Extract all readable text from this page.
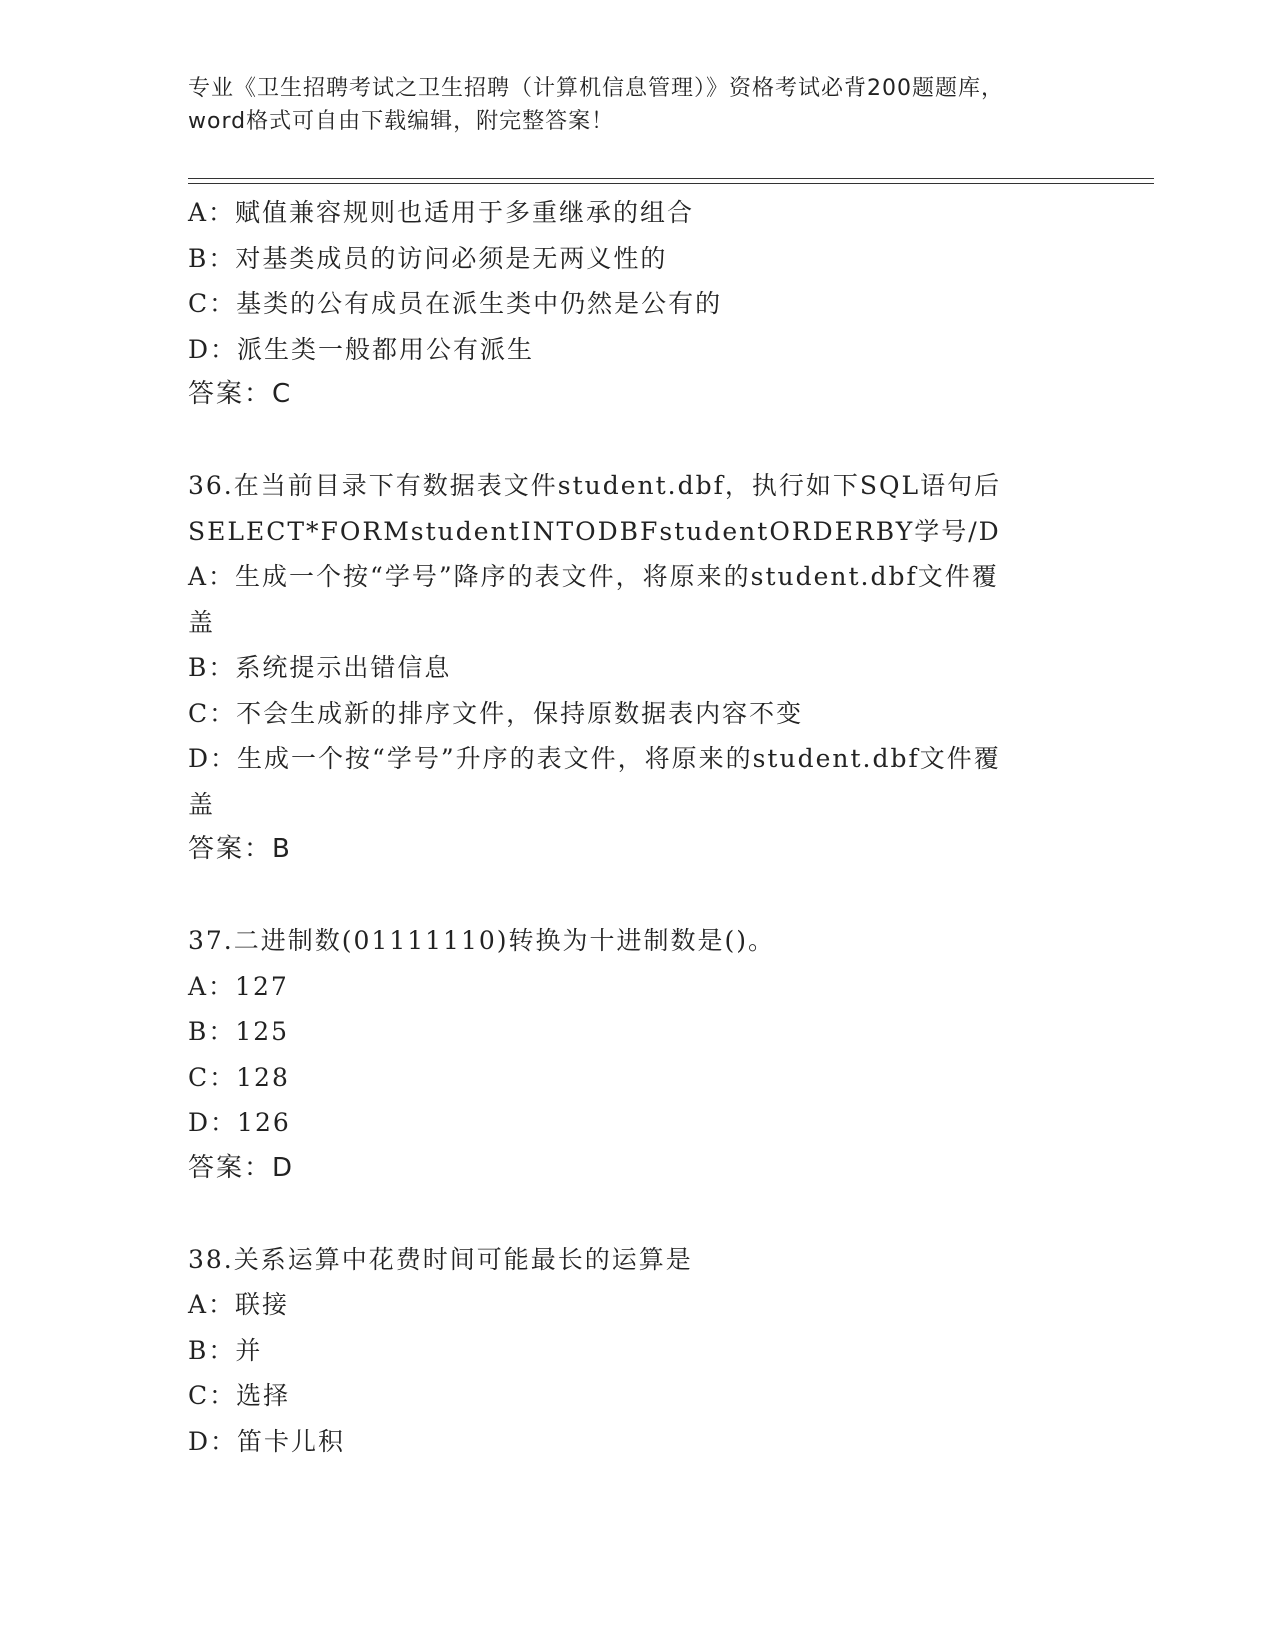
专业《卫生招聘考试之卫生招聘（计算机信息管理）》资格考试必背200题题库，
word格式可自由下载编辑，附完整答案！
A：赋值兼容规则也适用于多重继承的组合
B：对基类成员的访问必须是无两义性的
C：基类的公有成员在派生类中仍然是公有的
D：派生类一般都用公有派生
答案：C
36.在当前目录下有数据表文件student.dbf，执行如下SQL语句后
SELECT*FORMstudentINTODBFstudentORDERBY学号/D
A：生成一个按“学号”降序的表文件，将原来的student.dbf文件覆
盖
B：系统提示出错信息
C：不会生成新的排序文件，保持原数据表内容不变
D：生成一个按“学号”升序的表文件，将原来的student.dbf文件覆
盖
答案：B
37.二进制数(01111110)转换为十进制数是()。
A：127
B：125
C：128
D：126
答案：D
38.关系运算中花费时间可能最长的运算是
A：联接
B：并
C：选择
D：笛卡儿积
